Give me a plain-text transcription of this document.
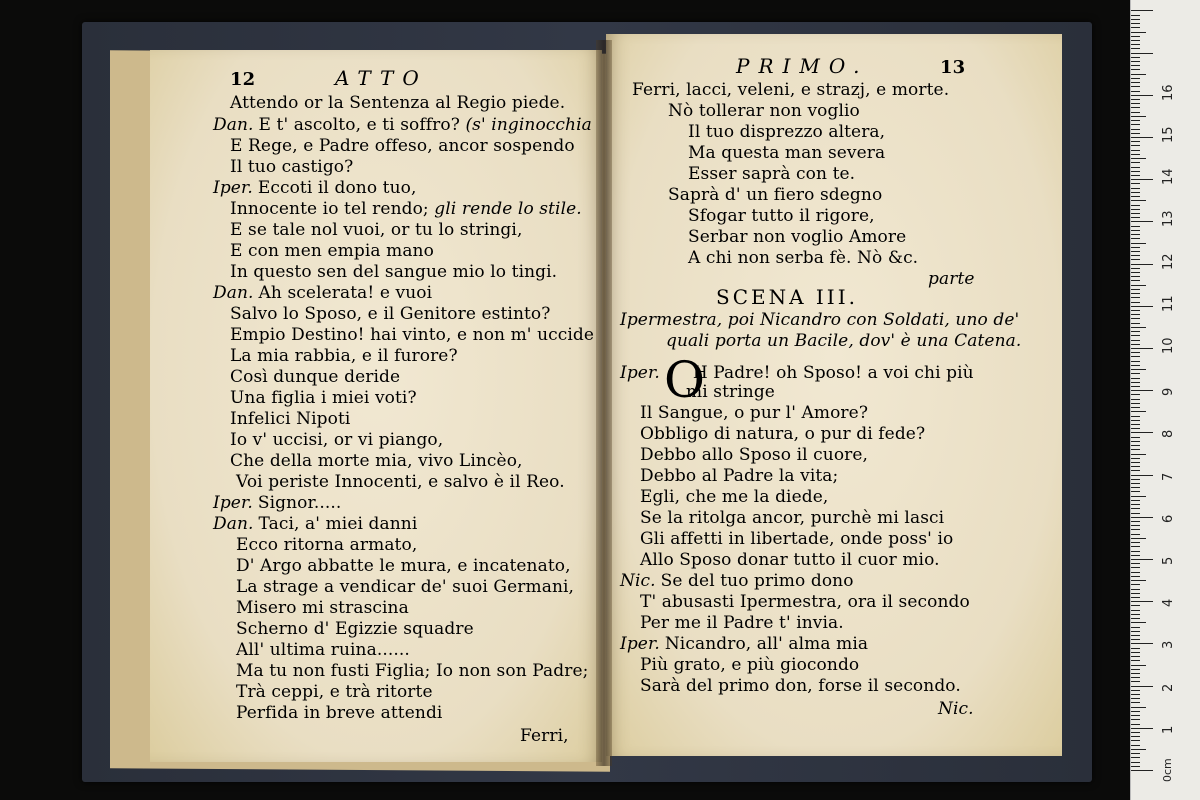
12	ATTO	PRIMO.	13
Attendo or la Sentenza al Regio piede.
Dan. E t' ascolto, e ti soffro? (s' inginocchia
E Rege, e Padre offeso, ancor sospendo
Il tuo castigo?
Iper. Eccoti il dono tuo,
Innocente io tel rendo; gli rende lo stile.
E se tale nol vuoi, or tu lo stringi,
E con men empia mano
In questo sen del sangue mio lo tingi.
Dan. Ah scelerata! e vuoi
Salvo lo Sposo, e il Genitore estinto?
Empio Destino! hai vinto, e non m' uccide
La mia rabbia, e il furore?
Così dunque deride
Una figlia i miei voti?
Infelici Nipoti
Io v' uccisi, or vi piango,
Che della morte mia, vivo Lincèo,
Voi periste Innocenti, e salvo è il Reo.
Iper. Signor.....
Dan. Taci, a' miei danni
Ecco ritorna armato,
D' Argo abbatte le mura, e incatenato,
La strage a vendicar de' suoi Germani,
Misero mi strascina
Scherno d' Egizzie squadre
All' ultima ruina......
Ma tu non fusti Figlia; Io non son Padre;
Trà ceppi, e trà ritorte
Perfida in breve attendi
Ferri,
Ferri, lacci, veleni, e strazj, e morte.
Nò tollerar non voglio
Il tuo disprezzo altera,
Ma questa man severa
Esser saprà con te.
Saprà d' un fiero sdegno
Sfogar tutto il rigore,
Serbar non voglio Amore
A chi non serba fè. Nò &c.
parte
SCENA III.
Ipermestra, poi Nicandro con Soldati, uno de'
quali porta un Bacile, dov' è una Catena.
Iper. O
H Padre! oh Sposo! a voi chi più
mi stringe
Il Sangue, o pur l' Amore?
Obbligo di natura, o pur di fede?
Debbo allo Sposo il cuore,
Debbo al Padre la vita;
Egli, che me la diede,
Se la ritolga ancor, purchè mi lasci
Gli affetti in libertade, onde poss' io
Allo Sposo donar tutto il cuor mio.
Nic. Se del tuo primo dono
T' abusasti Ipermestra, ora il secondo
Per me il Padre t' invia.
Iper. Nicandro, all' alma mia
Più grato, e più giocondo
Sarà del primo don, forse il secondo.
Nic.
1
2
3
4
5
6
7
8
9
10
11
12
13
14
15
16
0cm
